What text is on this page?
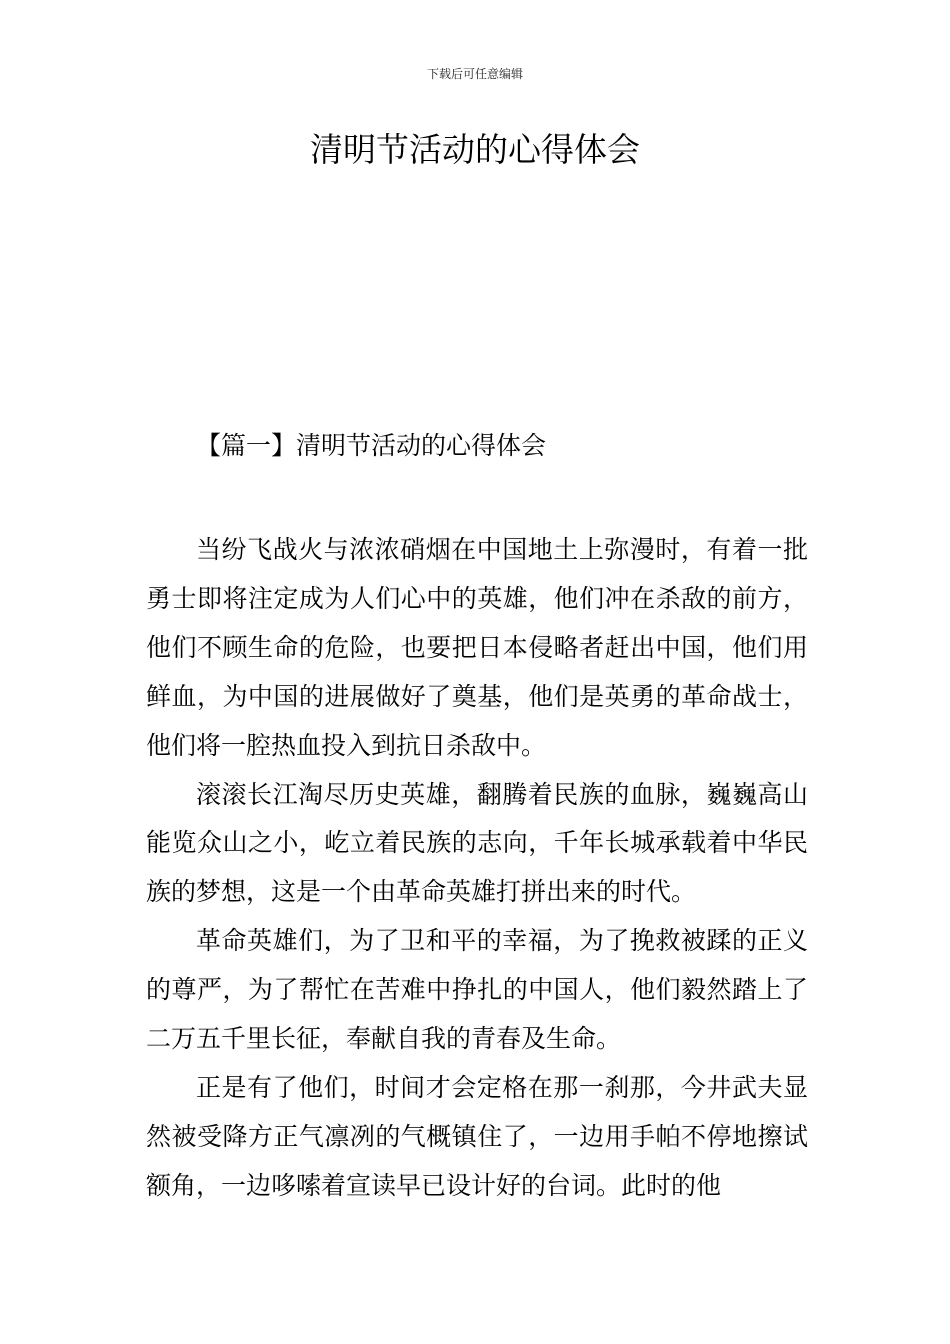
下载后可任意编辑
清明节活动的心得体会
【篇一】清明节活动的心得体会

当纷飞战火与浓浓硝烟在中国地土上弥漫时，有着一批勇士即将注定成为人们心中的英雄，他们冲在杀敌的前方，他们不顾生命的危险，也要把日本侵略者赶出中国，他们用鲜血，为中国的进展做好了奠基，他们是英勇的革命战士，他们将一腔热血投入到抗日杀敌中。

滚滚长江淘尽历史英雄，翻腾着民族的血脉，巍巍高山能览众山之小，屹立着民族的志向，千年长城承载着中华民族的梦想，这是一个由革命英雄打拼出来的时代。

革命英雄们，为了卫和平的幸福，为了挽救被蹂的正义的尊严，为了帮忙在苦难中挣扎的中国人，他们毅然踏上了二万五千里长征，奉献自我的青春及生命。

正是有了他们，时间才会定格在那一刹那，今井武夫显然被受降方正气凛冽的气概镇住了，一边用手帕不停地擦试额角，一边哆嗦着宣读早已设计好的台词。此时的他
